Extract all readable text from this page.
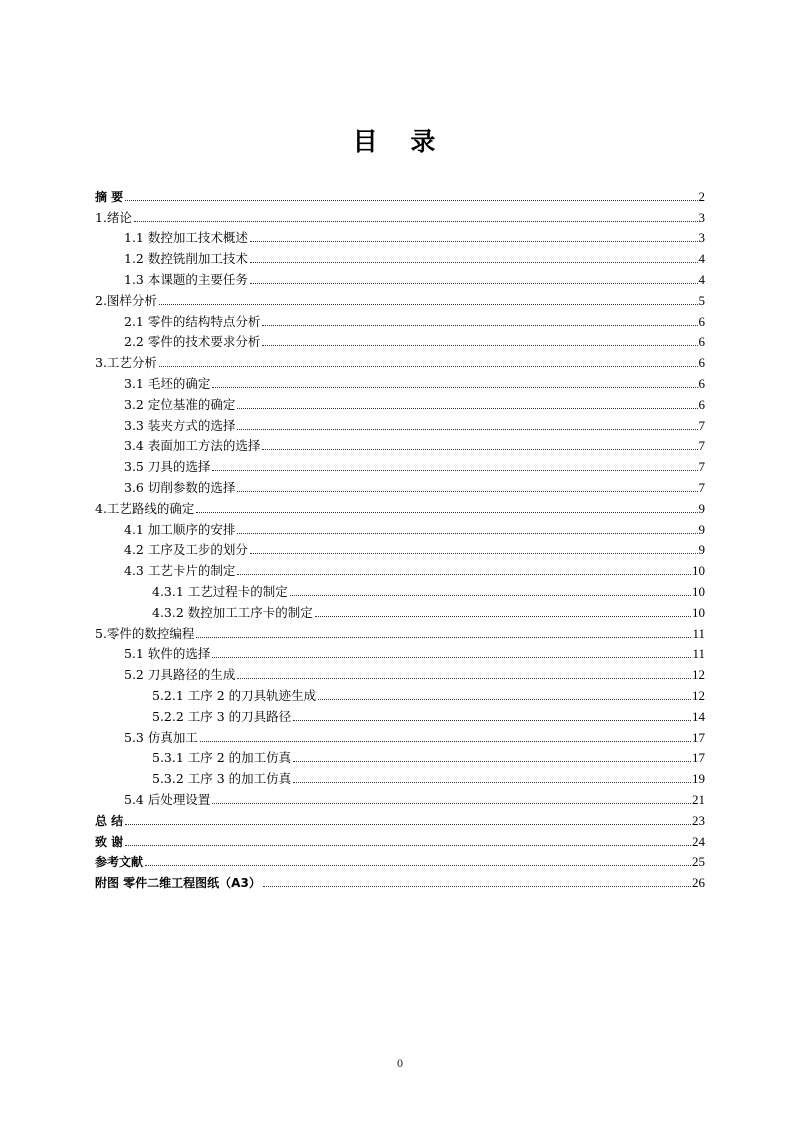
目 录
摘 要	2
1.绪论	3
1.1 数控加工技术概述	3
1.2 数控铣削加工技术	4
1.3 本课题的主要任务	4
2.图样分析	5
2.1 零件的结构特点分析	6
2.2 零件的技术要求分析	6
3.工艺分析	6
3.1 毛坯的确定	6
3.2 定位基准的确定	6
3.3 装夹方式的选择	7
3.4 表面加工方法的选择	7
3.5 刀具的选择	7
3.6 切削参数的选择	7
4.工艺路线的确定	9
4.1 加工顺序的安排	9
4.2 工序及工步的划分	9
4.3 工艺卡片的制定	10
4.3.1 工艺过程卡的制定	10
4.3.2 数控加工工序卡的制定	10
5.零件的数控编程	11
5.1 软件的选择	11
5.2 刀具路径的生成	12
5.2.1 工序 2 的刀具轨迹生成	12
5.2.2 工序 3 的刀具路径	14
5.3 仿真加工	17
5.3.1 工序 2 的加工仿真	17
5.3.2 工序 3 的加工仿真	19
5.4 后处理设置	21
总 结	23
致 谢	24
参考文献	25
附图 零件二维工程图纸（A3）	26
0
